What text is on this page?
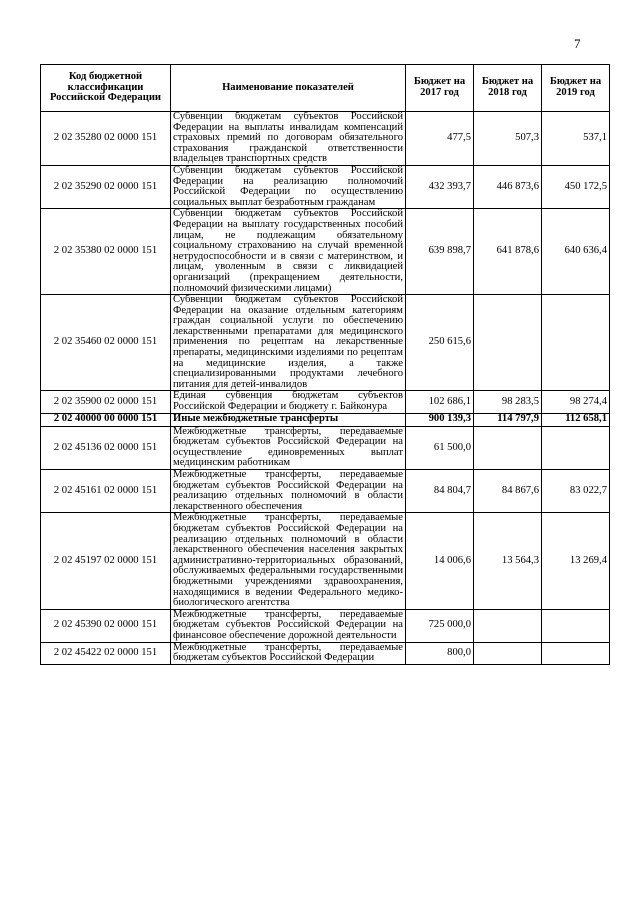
7
Код бюджетной классификации Российской Федерации	Наименование показателей	Бюджет на 2017 год	Бюджет на 2018 год	Бюджет на 2019 год
2 02 35280 02 0000 151	Субвенции бюджетам субъектов Российской Федерации на выплаты инвалидам компенсаций страховых премий по договорам обязательного страхования гражданской ответственности владельцев транспортных средств	477,5	507,3	537,1
2 02 35290 02 0000 151	Субвенции бюджетам субъектов Российской Федерации на реализацию полномочий Российской Федерации по осуществлению социальных выплат безработным гражданам	432 393,7	446 873,6	450 172,5
2 02 35380 02 0000 151	Субвенции бюджетам субъектов Российской Федерации на выплату государственных пособий лицам, не подлежащим обязательному социальному страхованию на случай временной нетрудоспособности и в связи с материнством, и лицам, уволенным в связи с ликвидацией организаций (прекращением деятельности, полномочий физическими лицами)	639 898,7	641 878,6	640 636,4
2 02 35460 02 0000 151	Субвенции бюджетам субъектов Российской Федерации на оказание отдельным категориям граждан социальной услуги по обеспечению лекарственными препаратами для медицинского применения по рецептам на лекарственные препараты, медицинскими изделиями по рецептам на медицинские изделия, а также специализированными продуктами лечебного питания для детей-инвалидов	250 615,6		
2 02 35900 02 0000 151	Единая субвенция бюджетам субъектов Российской Федерации и бюджету г. Байконура	102 686,1	98 283,5	98 274,4
2 02 40000 00 0000 151	Иные межбюджетные трансферты	900 139,3	114 797,9	112 658,1
2 02 45136 02 0000 151	Межбюджетные трансферты, передаваемые бюджетам субъектов Российской Федерации на осуществление единовременных выплат медицинским работникам	61 500,0		
2 02 45161 02 0000 151	Межбюджетные трансферты, передаваемые бюджетам субъектов Российской Федерации на реализацию отдельных полномочий в области лекарственного обеспечения	84 804,7	84 867,6	83 022,7
2 02 45197 02 0000 151	Межбюджетные трансферты, передаваемые бюджетам субъектов Российской Федерации на реализацию отдельных полномочий в области лекарственного обеспечения населения закрытых административно-территориальных образований, обслуживаемых федеральными государственными бюджетными учреждениями здравоохранения, находящимися в ведении Федерального медико-биологического агентства	14 006,6	13 564,3	13 269,4
2 02 45390 02 0000 151	Межбюджетные трансферты, передаваемые бюджетам субъектов Российской Федерации на финансовое обеспечение дорожной деятельности	725 000,0		
2 02 45422 02 0000 151	Межбюджетные трансферты, передаваемые бюджетам субъектов Российской Федерации	800,0		
